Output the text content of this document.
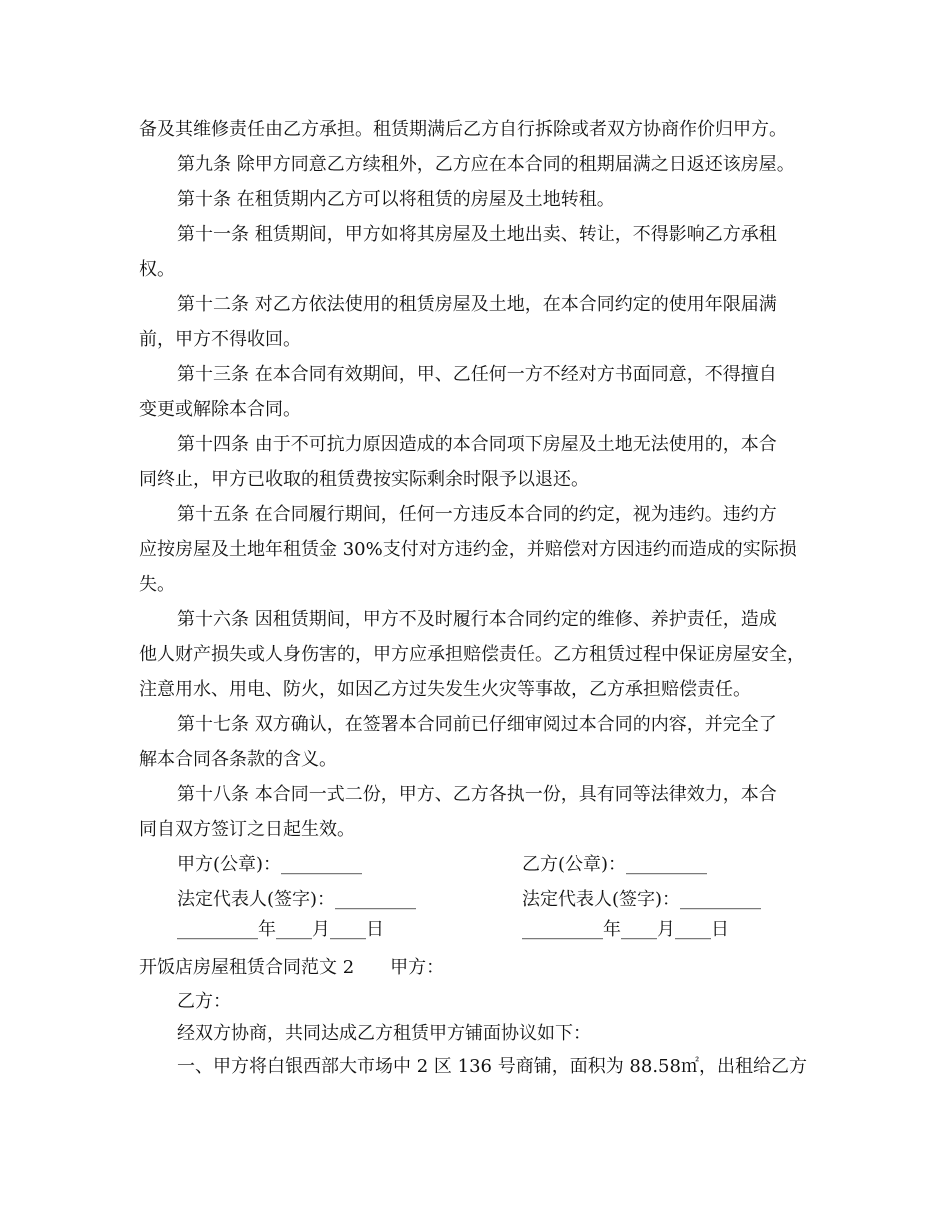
备及其维修责任由乙方承担。租赁期满后乙方自行拆除或者双方协商作价归甲方。
第九条 除甲方同意乙方续租外，乙方应在本合同的租期届满之日返还该房屋。
第十条 在租赁期内乙方可以将租赁的房屋及土地转租。
第十一条 租赁期间，甲方如将其房屋及土地出卖、转让，不得影响乙方承租
权。
第十二条 对乙方依法使用的租赁房屋及土地，在本合同约定的使用年限届满
前，甲方不得收回。
第十三条 在本合同有效期间，甲、乙任何一方不经对方书面同意，不得擅自
变更或解除本合同。
第十四条 由于不可抗力原因造成的本合同项下房屋及土地无法使用的，本合
同终止，甲方已收取的租赁费按实际剩余时限予以退还。
第十五条 在合同履行期间，任何一方违反本合同的约定，视为违约。违约方
应按房屋及土地年租赁金 30%支付对方违约金，并赔偿对方因违约而造成的实际损
失。
第十六条 因租赁期间，甲方不及时履行本合同约定的维修、养护责任，造成
他人财产损失或人身伤害的，甲方应承担赔偿责任。乙方租赁过程中保证房屋安全，
注意用水、用电、防火，如因乙方过失发生火灾等事故，乙方承担赔偿责任。
第十七条 双方确认，在签署本合同前已仔细审阅过本合同的内容，并完全了
解本合同各条款的含义。
第十八条 本合同一式二份，甲方、乙方各执一份，具有同等法律效力，本合
同自双方签订之日起生效。
甲方(公章)：_________	乙方(公章)：_________
法定代表人(签字)：_________	法定代表人(签字)：_________
_________年____月____日	_________年____月____日
开饭店房屋租赁合同范文 2　　甲方：
乙方：
经双方协商，共同达成乙方租赁甲方铺面协议如下：
一、甲方将白银西部大市场中 2 区 136 号商铺，面积为 88.58㎡，出租给乙方
